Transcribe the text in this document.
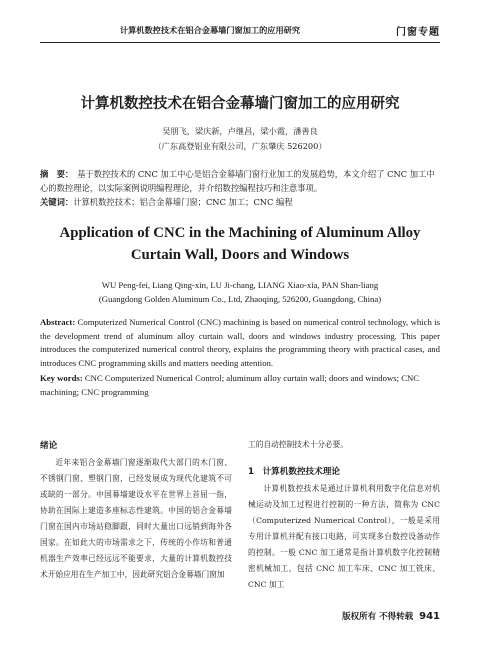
计算机数控技术在铝合金幕墙门窗加工的应用研究	门窗专题
计算机数控技术在铝合金幕墙门窗加工的应用研究
吴朋飞，梁庆新，卢继昌，梁小霞，潘善良
（广东高登铝业有限公司，广东肇庆 526200）
摘　要： 基于数控技术的 CNC 加工中心是铝合金幕墙门窗行业加工的发展趋势，本文介绍了 CNC 加工中心的数控理论，以实际案例说明编程理论，并介绍数控编程技巧和注意事项。
关键词：计算机数控技术；铝合金幕墙门窗；CNC 加工；CNC 编程
Application of CNC in the Machining of Aluminum Alloy
Curtain Wall, Doors and Windows
WU Peng-fei, Liang Qing-xin, LU Ji-chang, LIANG Xiao-xia, PAN Shan-liang
(Guangdong Golden Aluminum Co., Ltd, Zhaoqing, 526200, Guangdong, China)
Abstract: Computerized Numerical Control (CNC) machining is based on numerical control technology, which is the development trend of aluminum alloy curtain wall, doors and windows industry processing. This paper introduces the computerized numerical control theory, explains the programming theory with practical cases, and introduces CNC programming skills and matters needing attention.
Key words: CNC Computerized Numerical Control; aluminum alloy curtain wall; doors and windows; CNC machining; CNC programming
绪论
近年来铝合金幕墙门窗逐渐取代大部门的木门窗、不锈钢门窗、塑钢门窗，已经发展成为现代化建筑不可或缺的一部分。中国幕墙建设水平在世界上首屈一指，协助在国际上建造多座标志性建筑。中国的铝合金幕墙门窗在国内市场站稳脚跟，同时大量出口远销到海外各国家。在如此大的市场需求之下，传统的小作坊和普通机器生产效率已经远远不能要求，大量的计算机数控技术开始应用在生产加工中，因此研究铝合金幕墙门窗加
工的自动控制技术十分必要。
1　计算机数控技术理论
计算机数控技术是通过计算机利用数字化信息对机械运动及加工过程进行控制的一种方法，简称为 CNC（Computerized Numerical Control），一般是采用专用计算机并配有接口电路，可实现多台数控设备动作的控制。一般 CNC 加工通常是指计算机数字化控制精密机械加工，包括 CNC 加工车床、CNC 加工铣床、CNC 加工
版权所有 不得转载 941
